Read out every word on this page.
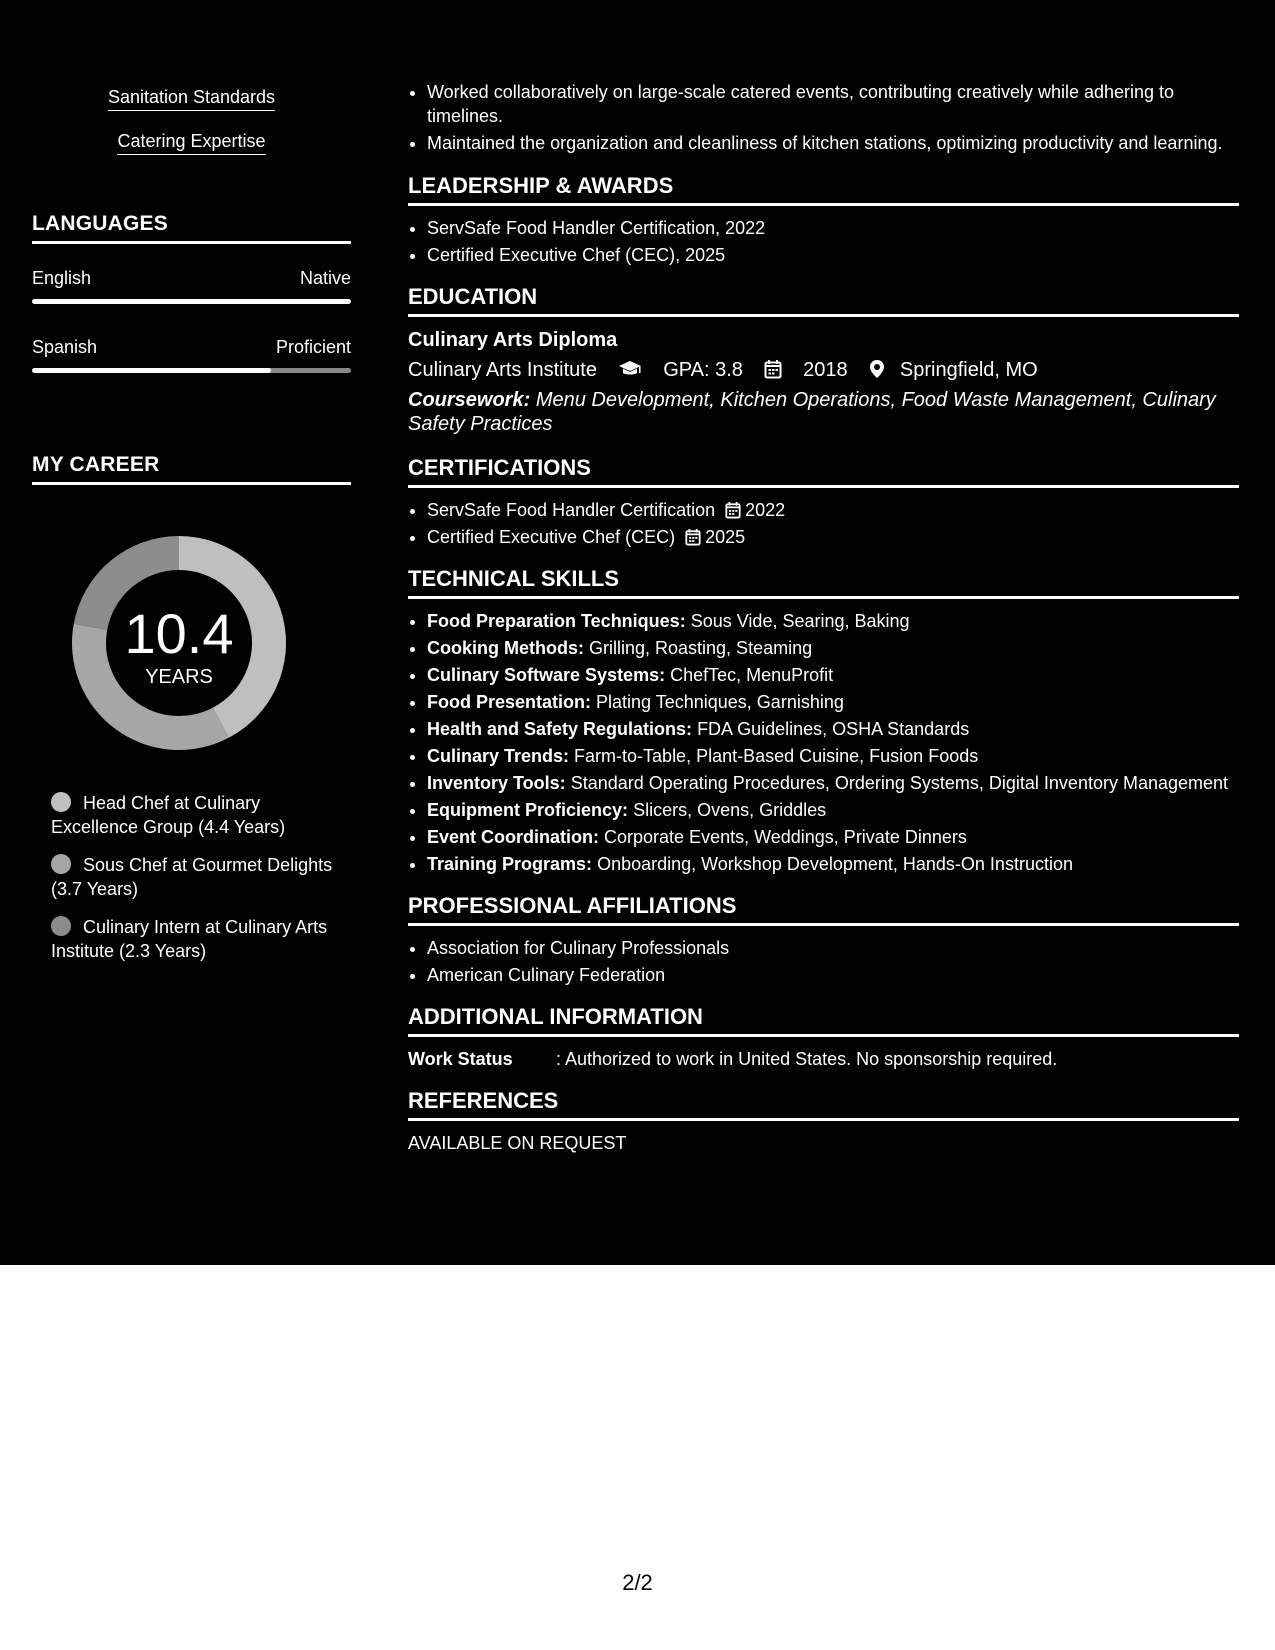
Sanitation Standards
Catering Expertise
LANGUAGES
English	Native
Spanish	Proficient
MY CAREER
10.4
YEARS
Head Chef at Culinary Excellence Group (4.4 Years)
Sous Chef at Gourmet Delights (3.7 Years)
Culinary Intern at Culinary Arts Institute (2.3 Years)
• Worked collaboratively on large-scale catered events, contributing creatively while adhering to timelines.
• Maintained the organization and cleanliness of kitchen stations, optimizing productivity and learning.
LEADERSHIP & AWARDS
• ServSafe Food Handler Certification, 2022
• Certified Executive Chef (CEC), 2025
EDUCATION
Culinary Arts Diploma
Culinary Arts Institute	GPA: 3.8	2018	Springfield, MO
Coursework: Menu Development, Kitchen Operations, Food Waste Management, Culinary Safety Practices
CERTIFICATIONS
• ServSafe Food Handler Certification 2022
• Certified Executive Chef (CEC) 2025
TECHNICAL SKILLS
• Food Preparation Techniques: Sous Vide, Searing, Baking
• Cooking Methods: Grilling, Roasting, Steaming
• Culinary Software Systems: ChefTec, MenuProfit
• Food Presentation: Plating Techniques, Garnishing
• Health and Safety Regulations: FDA Guidelines, OSHA Standards
• Culinary Trends: Farm-to-Table, Plant-Based Cuisine, Fusion Foods
• Inventory Tools: Standard Operating Procedures, Ordering Systems, Digital Inventory Management
• Equipment Proficiency: Slicers, Ovens, Griddles
• Event Coordination: Corporate Events, Weddings, Private Dinners
• Training Programs: Onboarding, Workshop Development, Hands-On Instruction
PROFESSIONAL AFFILIATIONS
• Association for Culinary Professionals
• American Culinary Federation
ADDITIONAL INFORMATION
Work Status : Authorized to work in United States. No sponsorship required.
REFERENCES
AVAILABLE ON REQUEST
2/2
